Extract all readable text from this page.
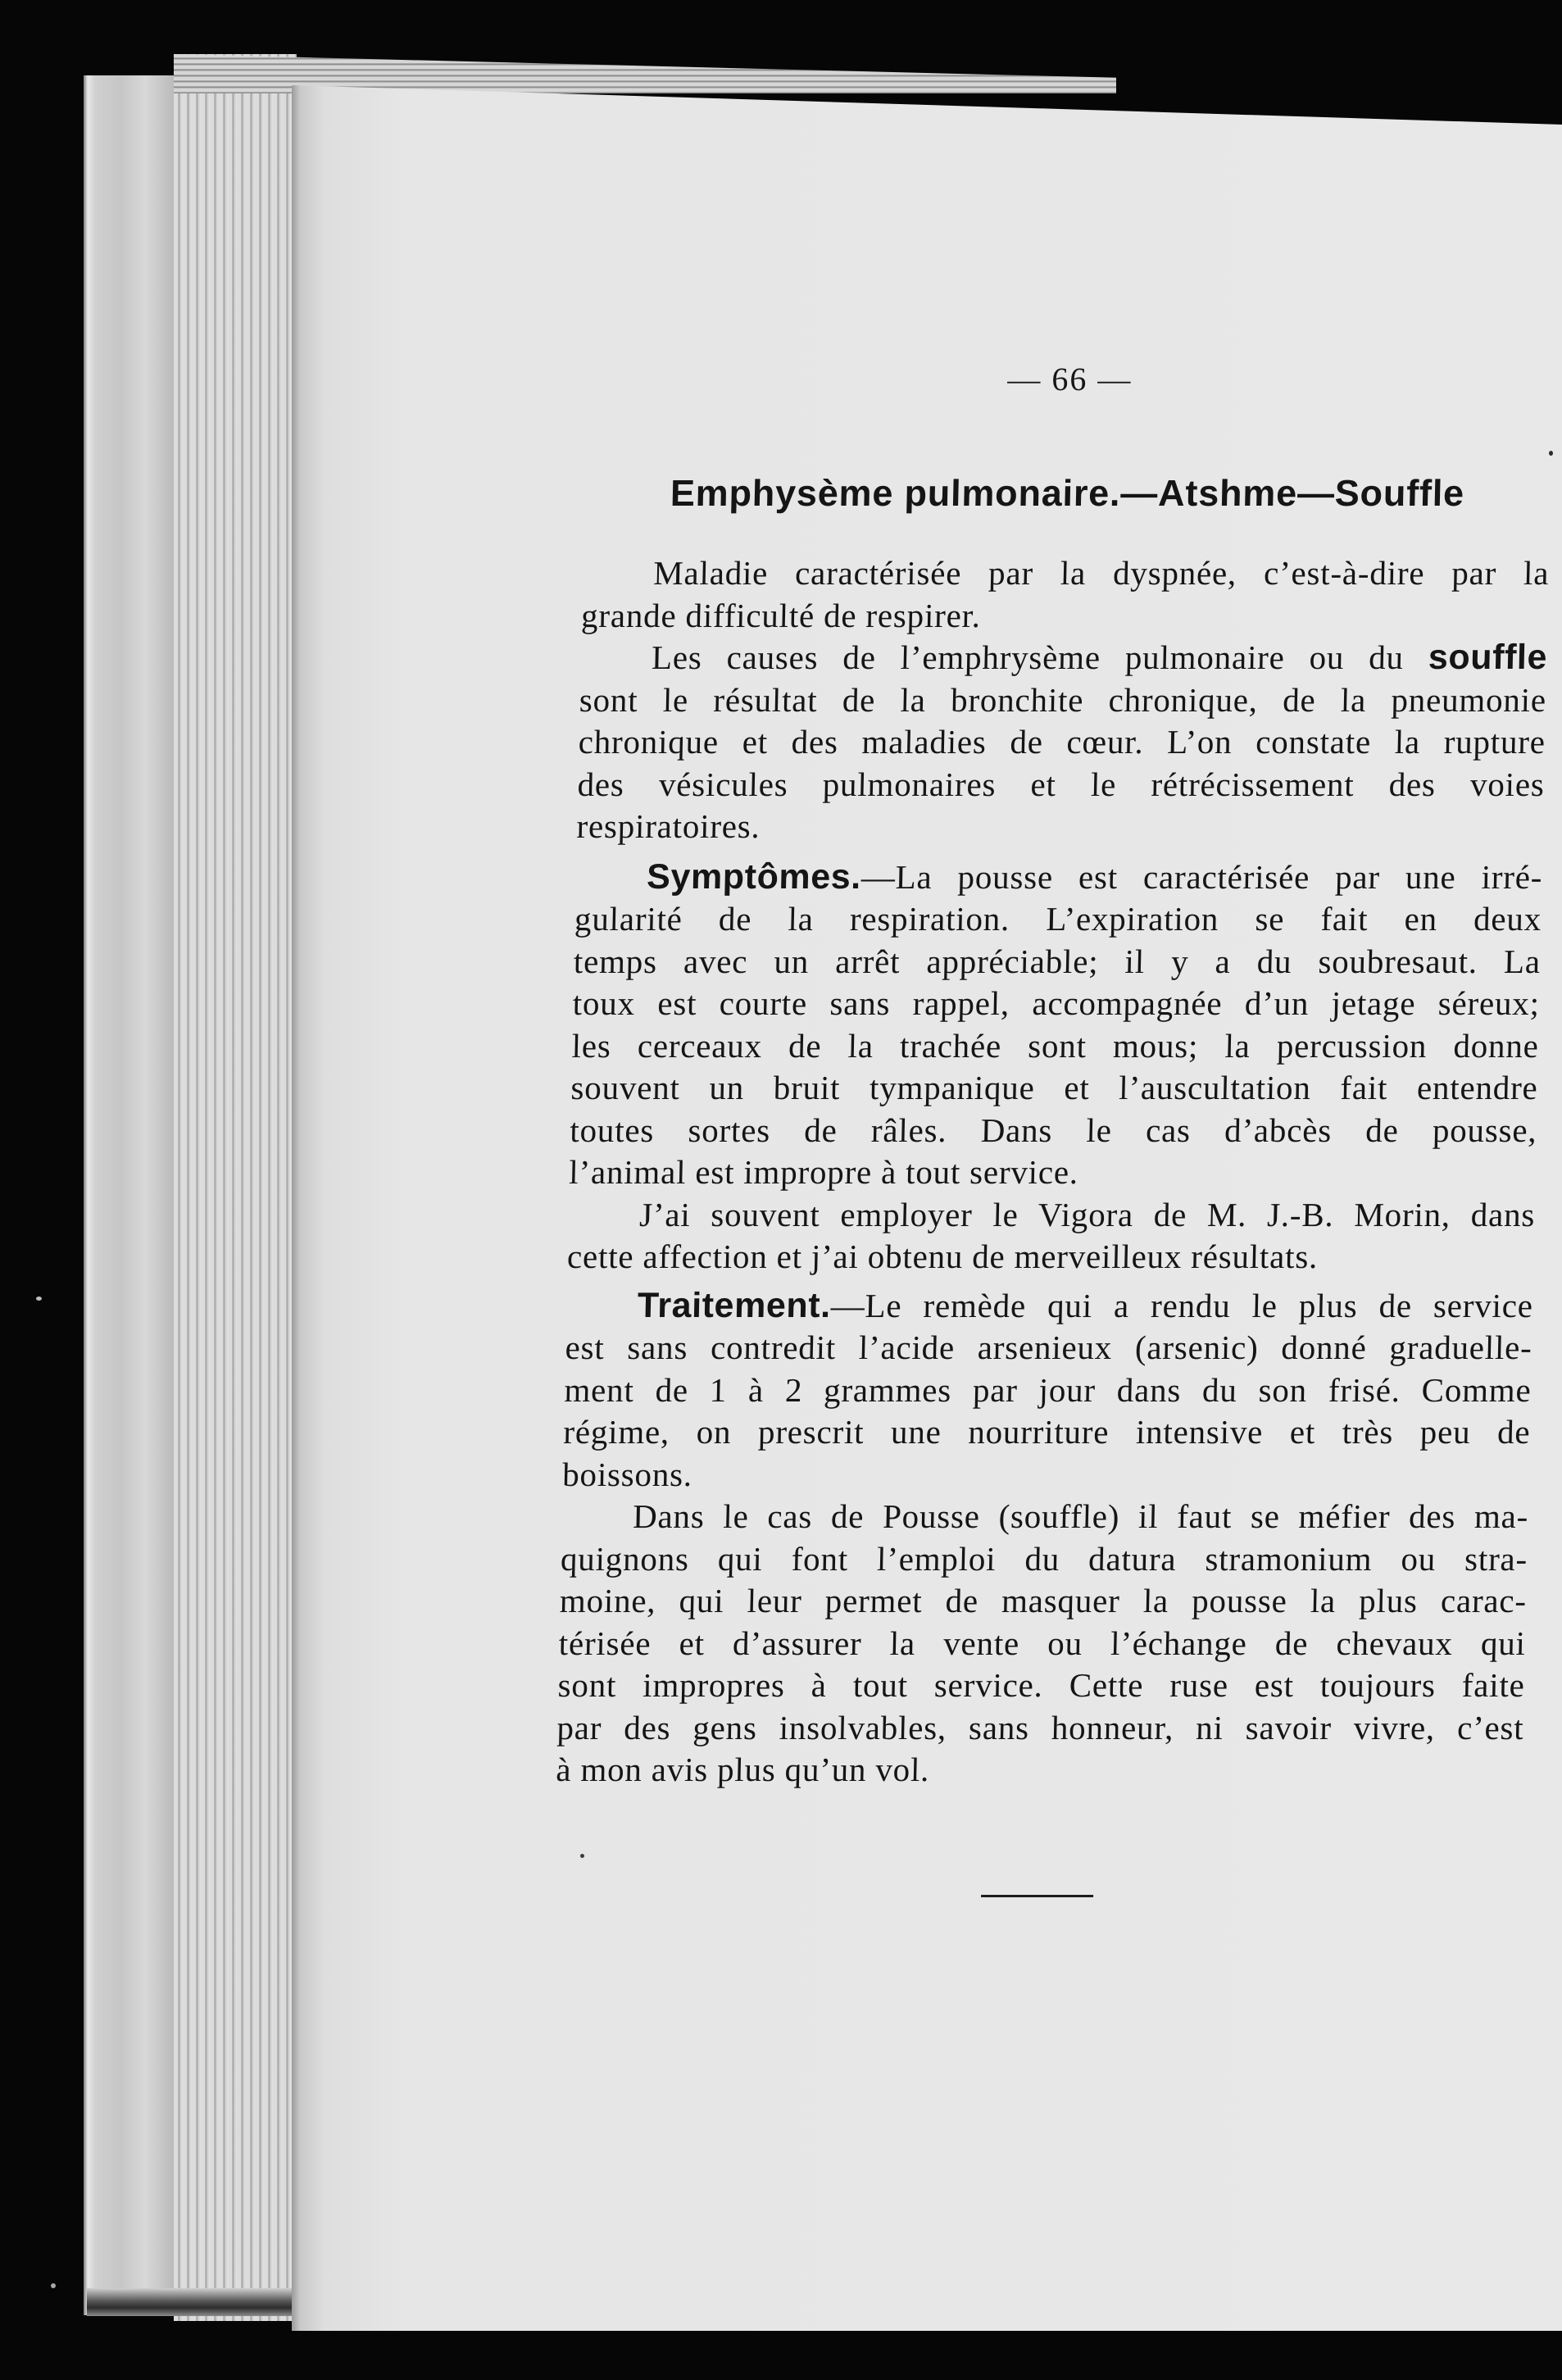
— 66 —
Emphysème pulmonaire.—Atshme—Souffle
Maladie caractérisée par la dyspnée, c’est-à-dire par la
grande difficulté de respirer.
Les causes de l’emphrysème pulmonaire ou du souffle
sont le résultat de la bronchite chronique, de la pneumonie
chronique et des maladies de cœur. L’on constate la rupture
des vésicules pulmonaires et le rétrécissement des voies
respiratoires.
Symptômes.—La pousse est caractérisée par une irré-
gularité de la respiration. L’expiration se fait en deux
temps avec un arrêt appréciable; il y a du soubresaut. La
toux est courte sans rappel, accompagnée d’un jetage séreux;
les cerceaux de la trachée sont mous; la percussion donne
souvent un bruit tympanique et l’auscultation fait entendre
toutes sortes de râles. Dans le cas d’abcès de pousse,
l’animal est impropre à tout service.
J’ai souvent employer le Vigora de M. J.-B. Morin, dans
cette affection et j’ai obtenu de merveilleux résultats.
Traitement.—Le remède qui a rendu le plus de service
est sans contredit l’acide arsenieux (arsenic) donné graduelle-
ment de 1 à 2 grammes par jour dans du son frisé. Comme
régime, on prescrit une nourriture intensive et très peu de
boissons.
Dans le cas de Pousse (souffle) il faut se méfier des ma-
quignons qui font l’emploi du datura stramonium ou stra-
moine, qui leur permet de masquer la pousse la plus carac-
térisée et d’assurer la vente ou l’échange de chevaux qui
sont impropres à tout service. Cette ruse est toujours faite
par des gens insolvables, sans honneur, ni savoir vivre, c’est
à mon avis plus qu’un vol.
